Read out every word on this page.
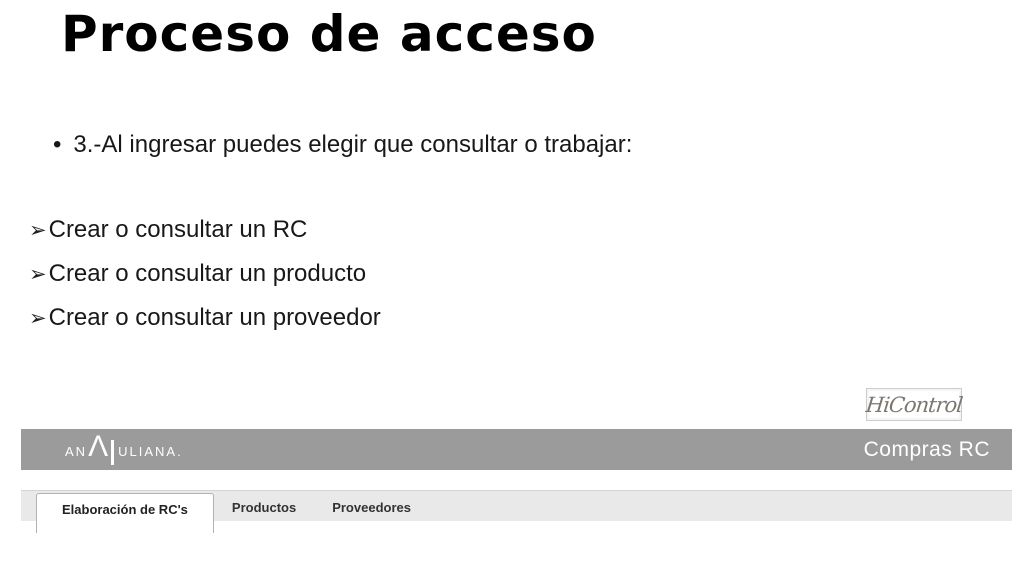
Proceso de acceso
• 3.-Al ingresar puedes elegir que consultar o trabajar:
➢ Crear o consultar un RC
➢ Crear o consultar un producto
➢ Crear o consultar un proveedor
HiControl
AN Λ ULIANA.	Compras RC
Elaboración de RC's	Productos	Proveedores
